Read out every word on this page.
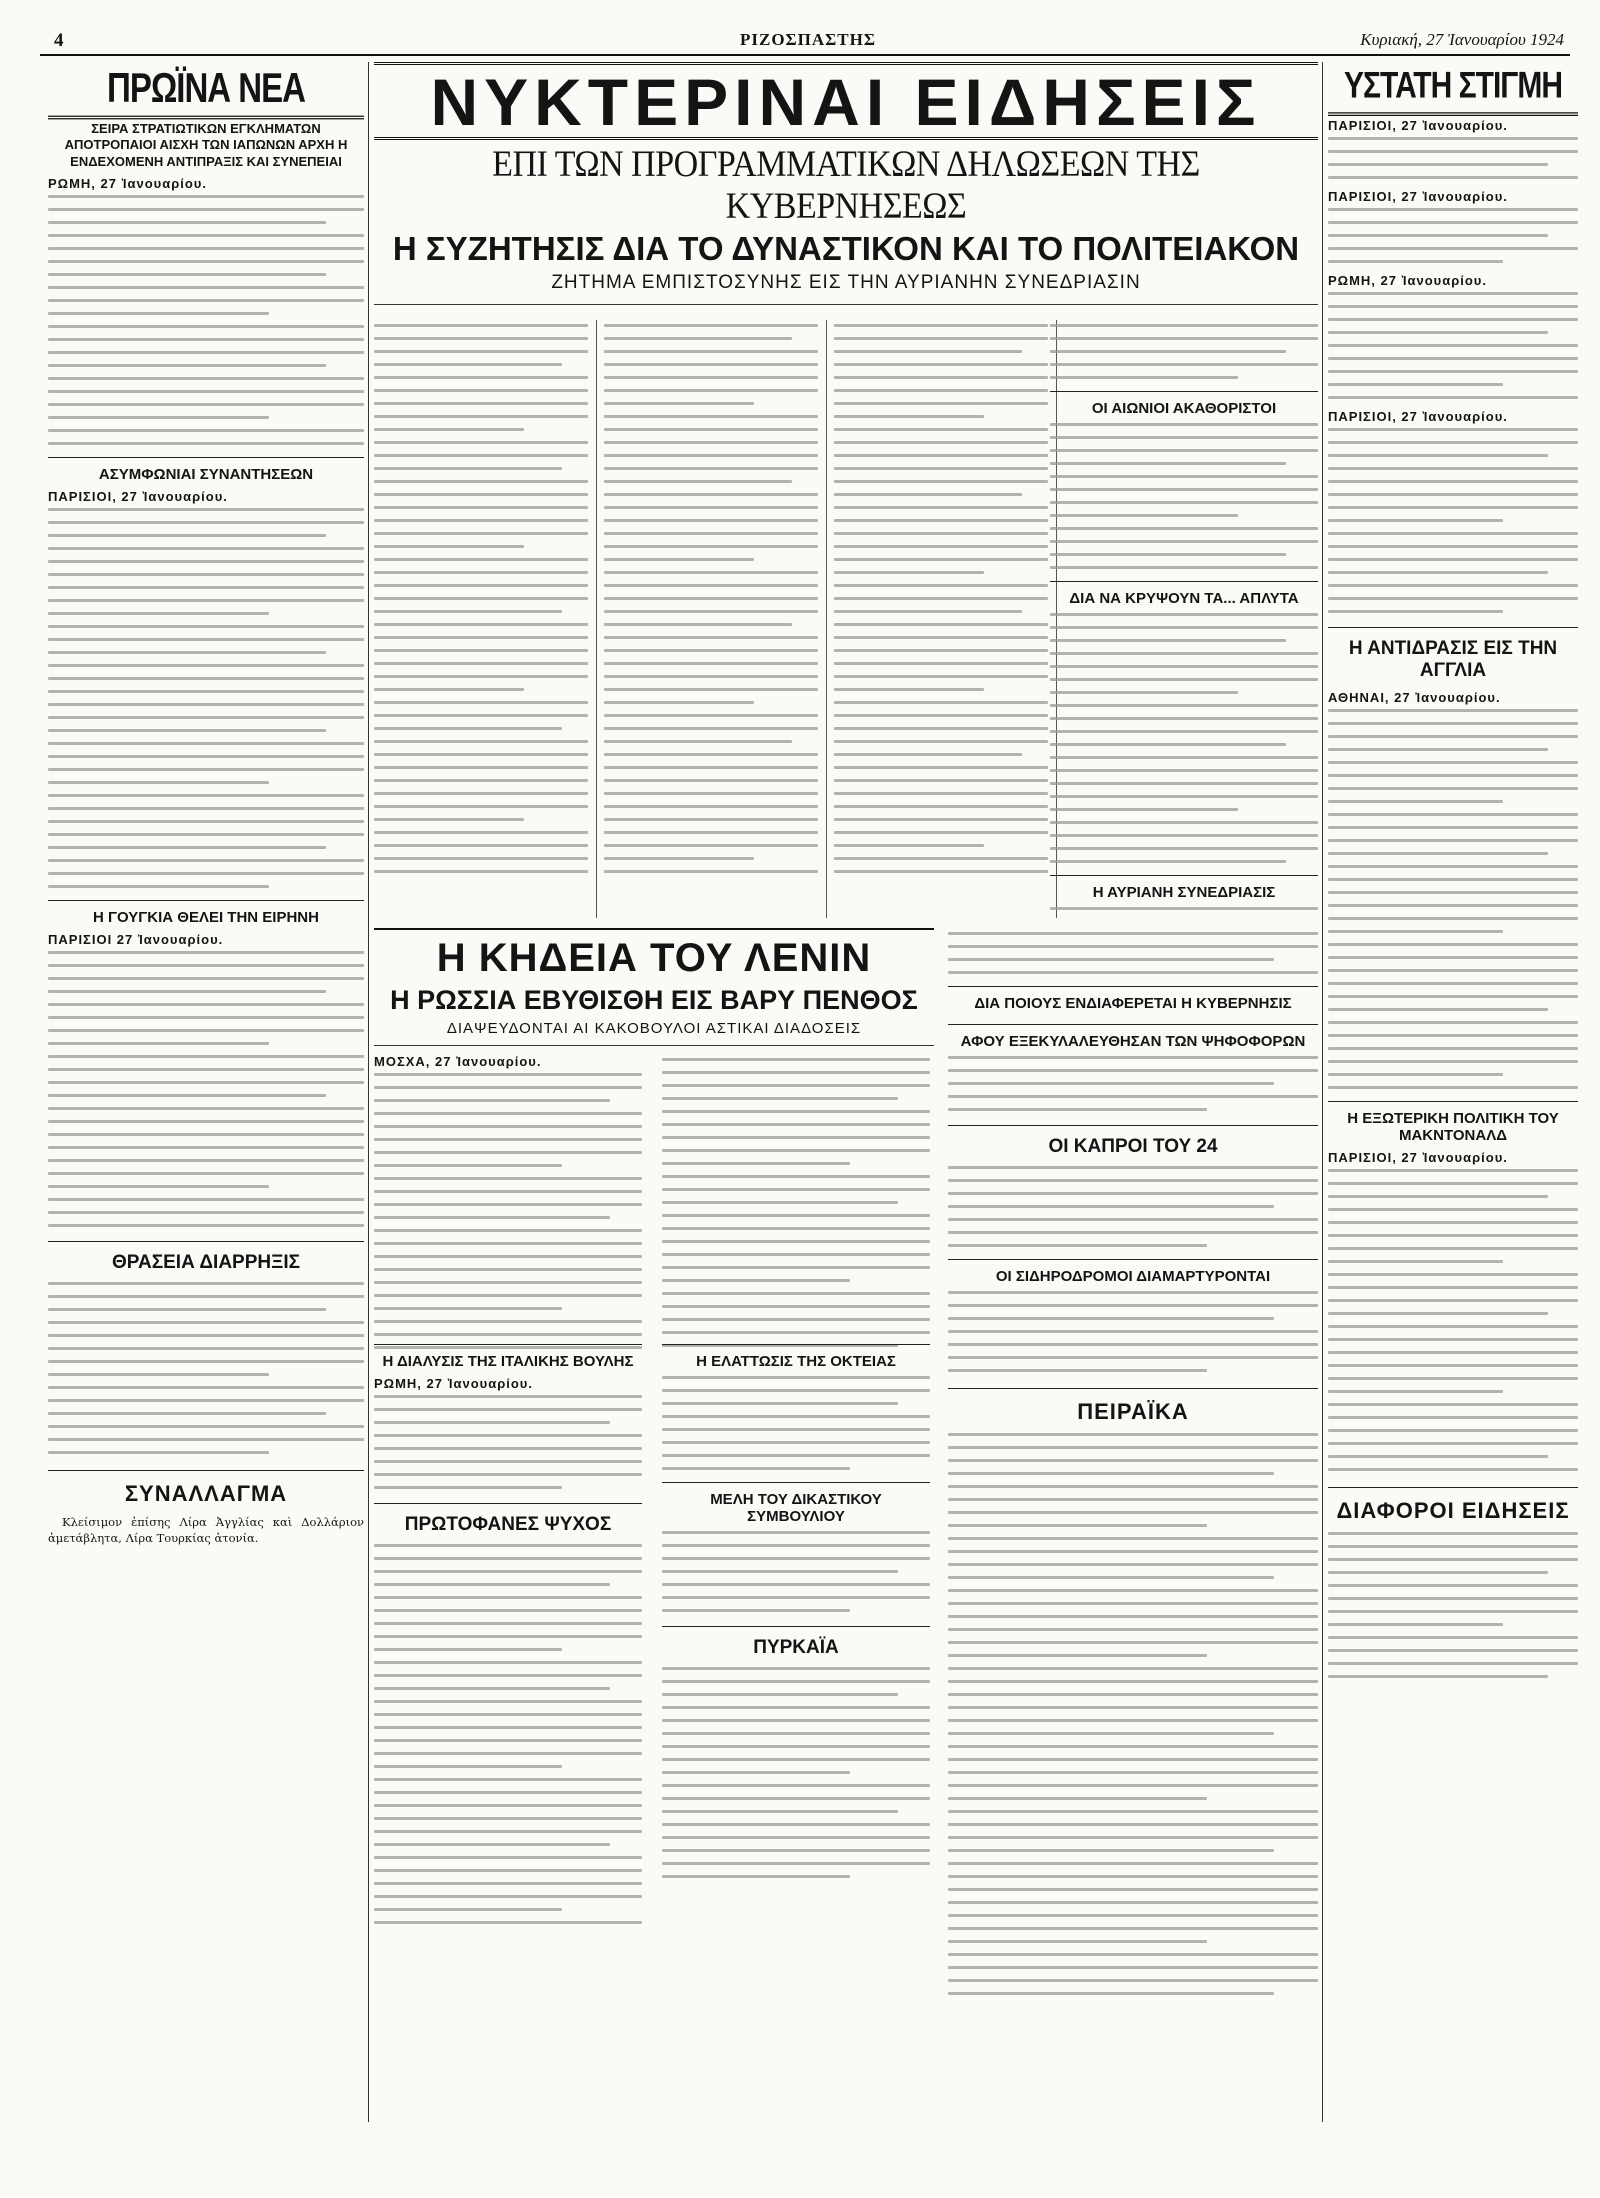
4	ΡΙΖΟΣΠΑΣΤΗΣ	Κυριακή, 27 Ἰανουαρίου 1924
ΠΡΩΪΝΑ ΝΕΑ
ΣΕΙΡΑ ΣΤΡΑΤΙΩΤΙΚΩΝ ΕΓΚΛΗΜΑΤΩΝ ΑΠΟΤΡΟΠΑΙΟΙ ΑΙΣΧΗ ΤΩΝ ΙΑΠΩΝΩΝ ΑΡΧΗ Η ΕΝΔΕΧΟΜΕΝΗ ΑΝΤΙΠΡΑΞΙΣ ΚΑΙ ΣΥΝΕΠΕΙΑΙ
ΡΩΜΗ, 27 Ἰανουαρίου.
ΑΣΥΜΦΩΝΙΑΙ ΣΥΝΑΝΤΗΣΕΩΝ
ΠΑΡΙΣΙΟΙ, 27 Ἰανουαρίου.
Η ΓΟΥΓΚΙΑ ΘΕΛΕΙ ΤΗΝ ΕΙΡΗΝΗ
ΠΑΡΙΣΙΟΙ 27 Ἰανουαρίου.
ΘΡΑΣΕΙΑ ΔΙΑΡΡΗΞΙΣ
ΣΥΝΑΛΛΑΓΜΑ

Κλείσιμον ἐπίσης Λίρα Ἀγγλίας καὶ Δολλάριον ἀμετάβλητα, Λίρα Τουρκίας ἀτονία.

ΝΥΚΤΕΡΙΝΑΙ ΕΙΔΗΣΕΙΣ
ΕΠΙ ΤΩΝ ΠΡΟΓΡΑΜΜΑΤΙΚΩΝ ΔΗΛΩΣΕΩΝ ΤΗΣ ΚΥΒΕΡΝΗΣΕΩΣ
Η ΣΥΖΗΤΗΣΙΣ ΔΙΑ ΤΟ ΔΥΝΑΣΤΙΚΟΝ ΚΑΙ ΤΟ ΠΟΛΙΤΕΙΑΚΟΝ
ΖΗΤΗΜΑ ΕΜΠΙΣΤΟΣΥΝΗΣ ΕΙΣ ΤΗΝ ΑΥΡΙΑΝΗΝ ΣΥΝΕΔΡΙΑΣΙΝ
ΟΙ ΑΙΩΝΙΟΙ ΑΚΑΘΟΡΙΣΤΟΙ
ΔΙΑ ΝΑ ΚΡΥΨΟΥΝ ΤΑ... ΑΠΛΥΤΑ
Η ΑΥΡΙΑΝΗ ΣΥΝΕΔΡΙΑΣΙΣ
Η ΚΗΔΕΙΑ ΤΟΥ ΛΕΝΙΝ
Η ΡΩΣΣΙΑ ΕΒΥΘΙΣΘΗ ΕΙΣ ΒΑΡΥ ΠΕΝΘΟΣ
ΔΙΑΨΕΥΔΟΝΤΑΙ ΑΙ ΚΑΚΟΒΟΥΛΟΙ ΑΣΤΙΚΑΙ ΔΙΑΔΟΣΕΙΣ
ΜΟΣΧΑ, 27 Ἰανουαρίου.
Η ΔΙΑΛΥΣΙΣ ΤΗΣ ΙΤΑΛΙΚΗΣ ΒΟΥΛΗΣ
ΡΩΜΗ, 27 Ἰανουαρίου.
ΠΡΩΤΟΦΑΝΕΣ ΨΥΧΟΣ
Η ΕΛΑΤΤΩΣΙΣ ΤΗΣ ΟΚΤΕΙΑΣ
ΜΕΛΗ ΤΟΥ ΔΙΚΑΣΤΙΚΟΥ ΣΥΜΒΟΥΛΙΟΥ
ΠΥΡΚΑΪΑ
ΔΙΑ ΠΟΙΟΥΣ ΕΝΔΙΑΦΕΡΕΤΑΙ Η ΚΥΒΕΡΝΗΣΙΣ
ΑΦΟΥ ΕΞΕΚΥΛΑΛΕΥΘΗΣΑΝ ΤΩΝ ΨΗΦΟΦΟΡΩΝ
ΟΙ ΚΑΠΡΟΙ ΤΟΥ 24
ΟΙ ΣΙΔΗΡΟΔΡΟΜΟΙ ΔΙΑΜΑΡΤΥΡΟΝΤΑΙ
ΠΕΙΡΑΪΚΑ
ΥΣΤΑΤΗ ΣΤΙΓΜΗ
ΠΑΡΙΣΙΟΙ, 27 Ἰανουαρίου.
ΠΑΡΙΣΙΟΙ, 27 Ἰανουαρίου.
ΡΩΜΗ, 27 Ἰανουαρίου.
ΠΑΡΙΣΙΟΙ, 27 Ἰανουαρίου.
Η ΑΝΤΙΔΡΑΣΙΣ ΕΙΣ ΤΗΝ ΑΓΓΛΙΑ
ΑΘΗΝΑΙ, 27 Ἰανουαρίου.
Η ΕΞΩΤΕΡΙΚΗ ΠΟΛΙΤΙΚΗ ΤΟΥ ΜΑΚΝΤΟΝΑΛΔ
ΠΑΡΙΣΙΟΙ, 27 Ἰανουαρίου.
ΔΙΑΦΟΡΟΙ ΕΙΔΗΣΕΙΣ
